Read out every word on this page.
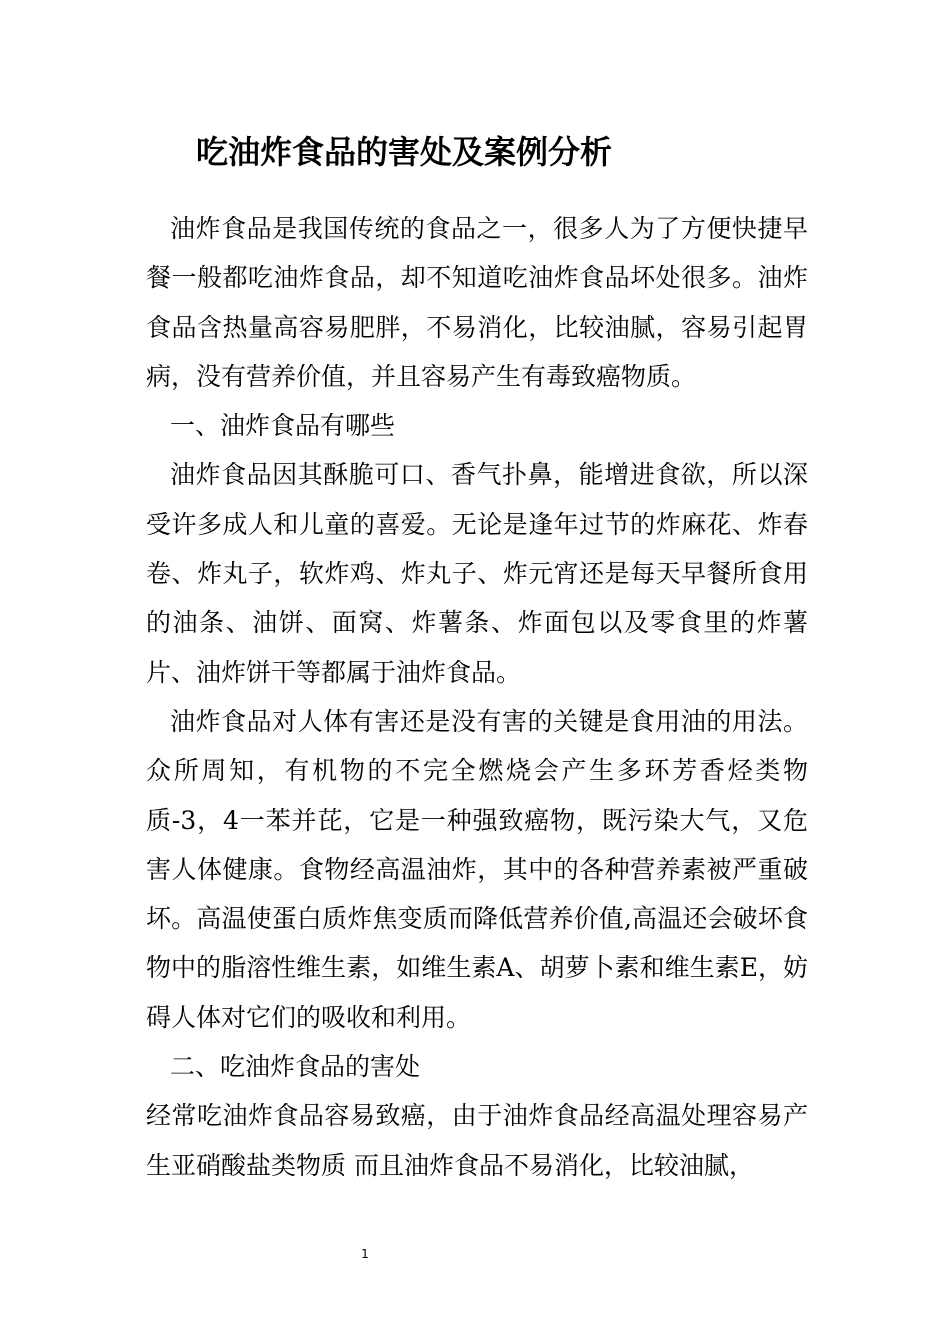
吃油炸食品的害处及案例分析

油炸食品是我国传统的食品之一，很多人为了方便快捷早餐一般都吃油炸食品，却不知道吃油炸食品坏处很多。油炸食品含热量高容易肥胖，不易消化，比较油腻，容易引起胃病，没有营养价值，并且容易产生有毒致癌物质。

一、油炸食品有哪些

油炸食品因其酥脆可口、香气扑鼻，能增进食欲，所以深受许多成人和儿童的喜爱。无论是逢年过节的炸麻花、炸春卷、炸丸子，软炸鸡、炸丸子、炸元宵还是每天早餐所食用的油条、油饼、面窝、炸薯条、炸面包以及零食里的炸薯片、油炸饼干等都属于油炸食品。

油炸食品对人体有害还是没有害的关键是食用油的用法。众所周知，有机物的不完全燃烧会产生多环芳香烃类物质-3，4一苯并芘，它是一种强致癌物，既污染大气，又危害人体健康。食物经高温油炸，其中的各种营养素被严重破坏。高温使蛋白质炸焦变质而降低营养价值,高温还会破坏食物中的脂溶性维生素，如维生素A、胡萝卜素和维生素E，妨碍人体对它们的吸收和利用。

二、吃油炸食品的害处

经常吃油炸食品容易致癌，由于油炸食品经高温处理容易产生亚硝酸盐类物质 而且油炸食品不易消化，比较油腻，

1
